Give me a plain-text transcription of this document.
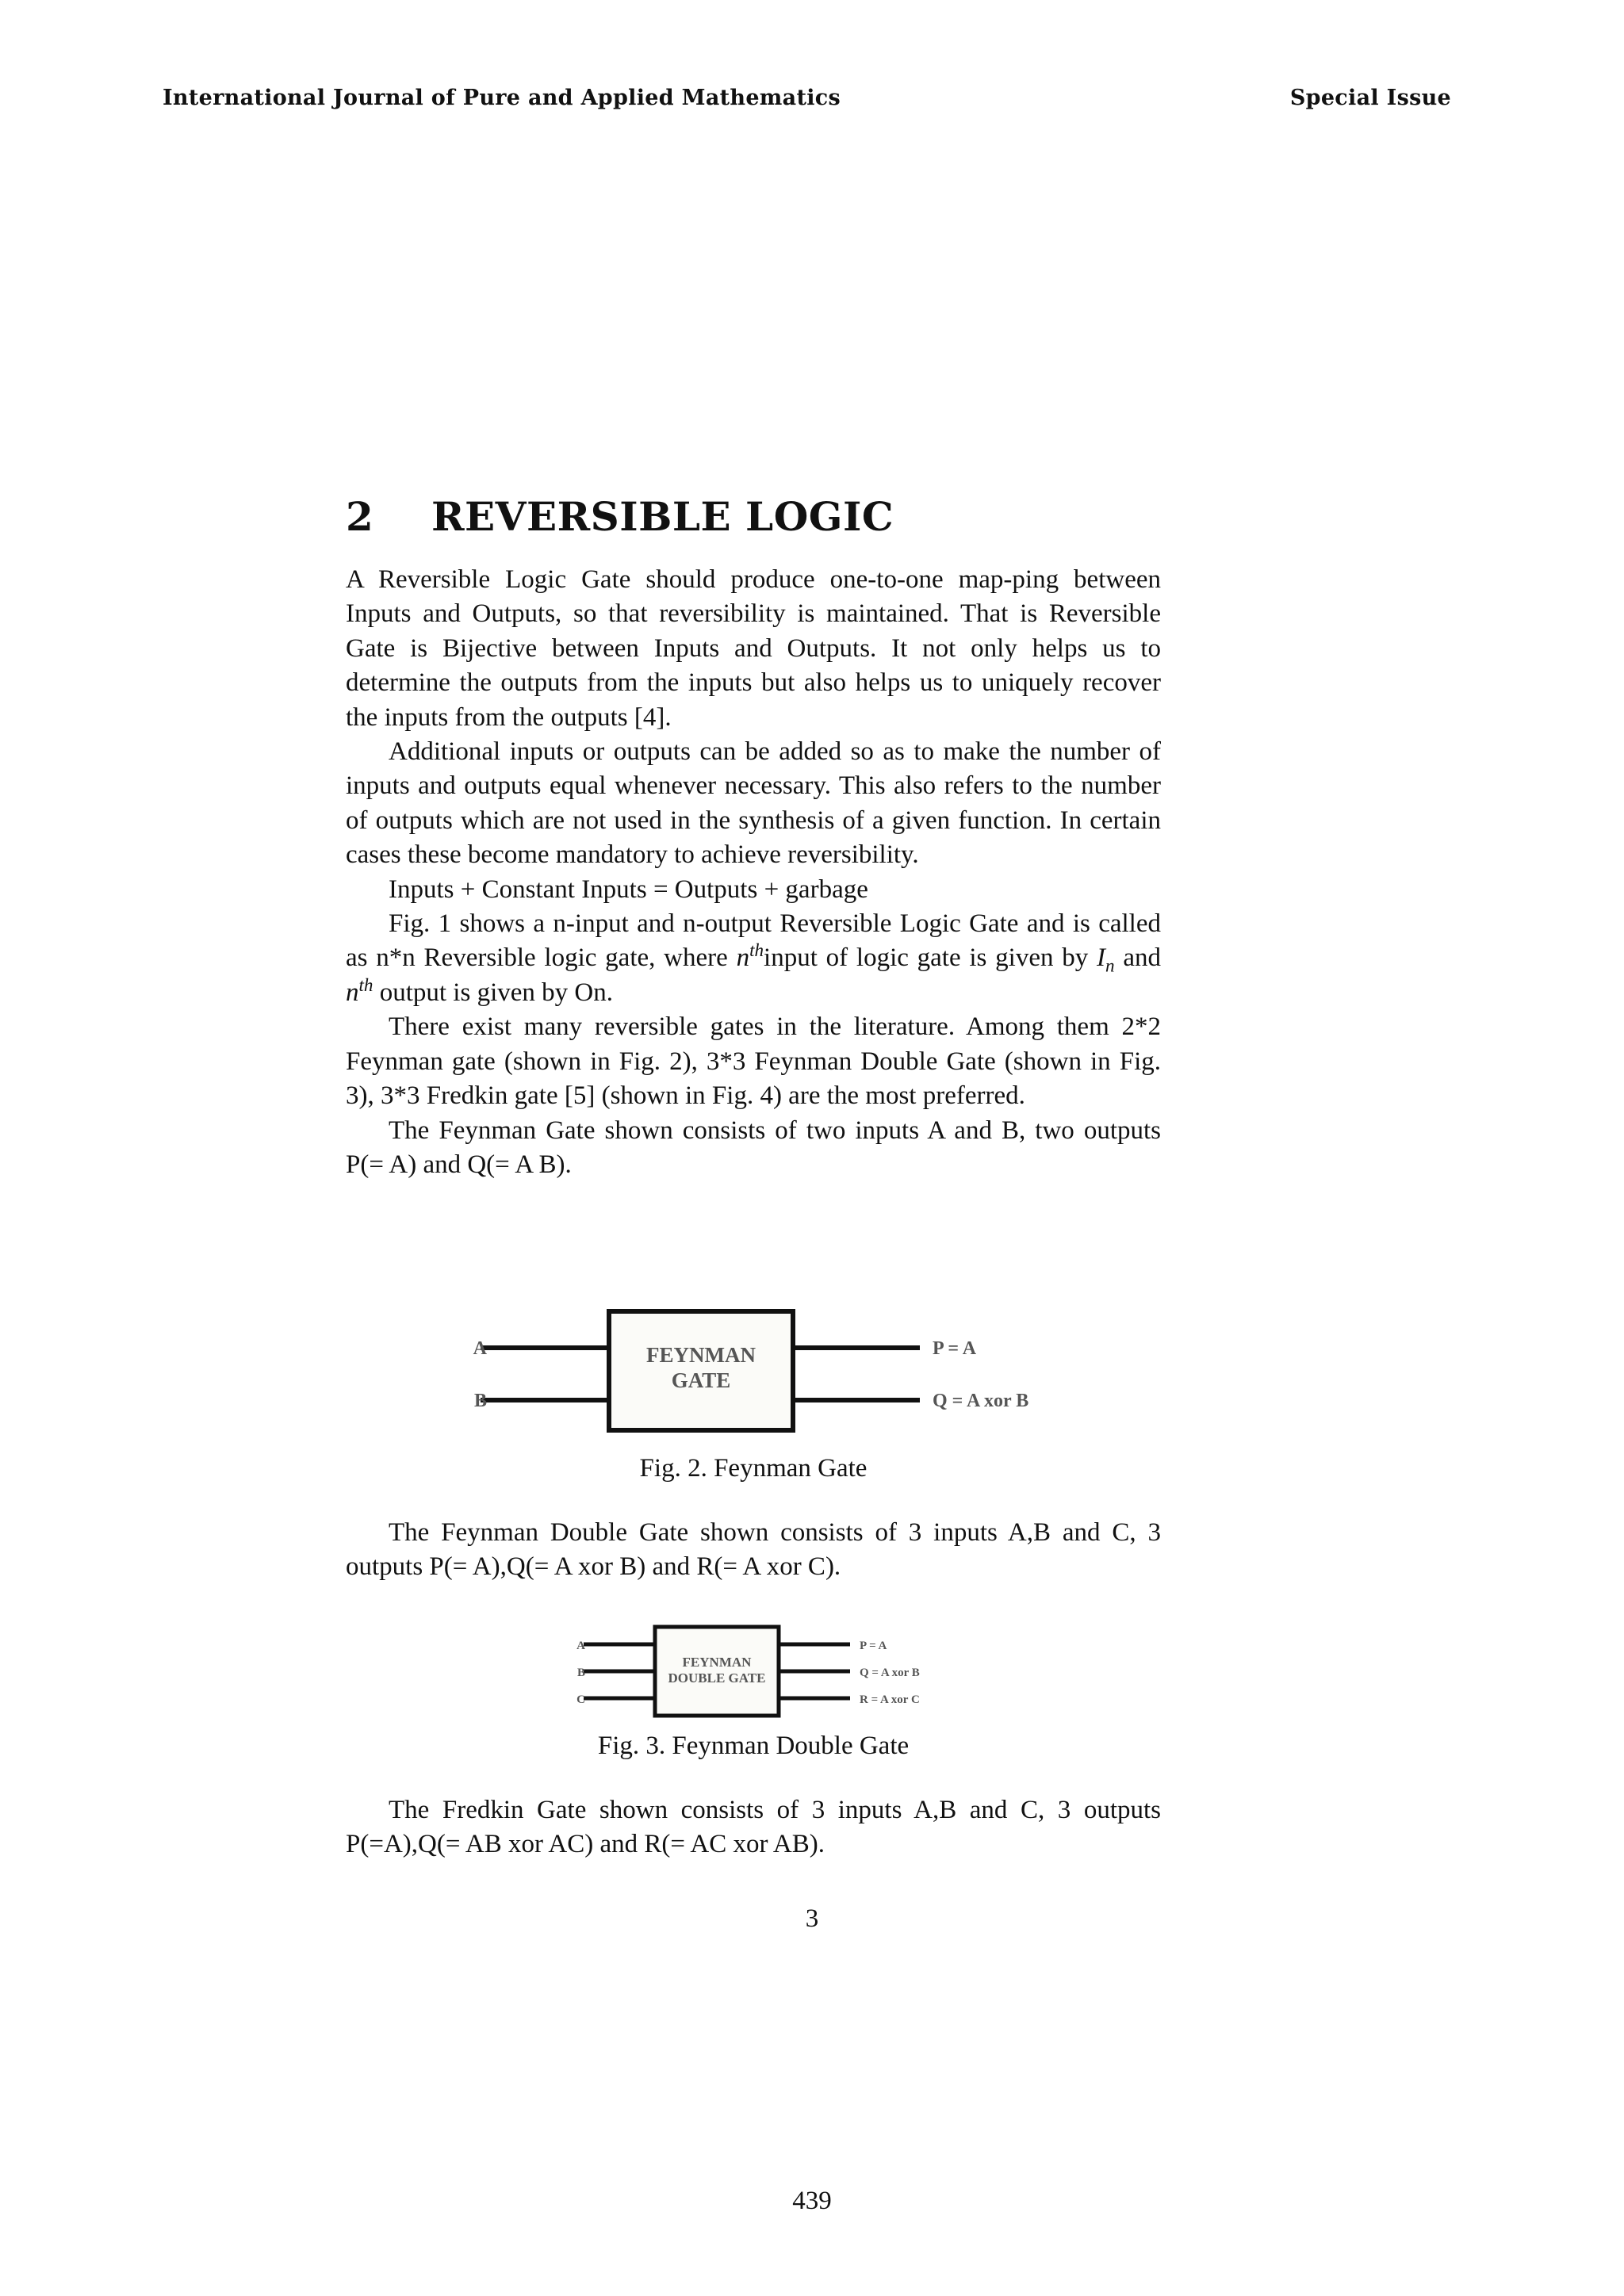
International Journal of Pure and Applied Mathematics	Special Issue
2	REVERSIBLE LOGIC

A Reversible Logic Gate should produce one-to-one map-ping between Inputs and Outputs, so that reversibility is maintained. That is Reversible Gate is Bijective between Inputs and Outputs. It not only helps us to determine the outputs from the inputs but also helps us to uniquely recover the inputs from the outputs [4].

Additional inputs or outputs can be added so as to make the number of inputs and outputs equal whenever necessary. This also refers to the number of outputs which are not used in the synthesis of a given function. In certain cases these become mandatory to achieve reversibility.

Inputs + Constant Inputs = Outputs + garbage

Fig. 1 shows a n-input and n-output Reversible Logic Gate and is called as n*n Reversible logic gate, where $n^{th}input$ of logic gate is given by $I_n$ and $n^{th}$ output is given by On.

There exist many reversible gates in the literature. Among them 2*2 Feynman gate (shown in Fig. 2), 3*3 Feynman Double Gate (shown in Fig. 3), 3*3 Fredkin gate [5] (shown in Fig. 4) are the most preferred.

The Feynman Gate shown consists of two inputs A and B, two outputs P(= A) and Q(= A B).

FEYNMAN
GATE
A
B
P = A
Q = A xor B
Fig. 2. Feynman Gate

The Feynman Double Gate shown consists of 3 inputs A,B and C, 3 outputs P(= A),Q(= A xor B) and R(= A xor C).

FEYNMAN
DOUBLE GATE
A
B
C
P = A
Q = A xor B
R = A xor C
Fig. 3. Feynman Double Gate

The Fredkin Gate shown consists of 3 inputs A,B and C, 3 outputs P(=A),Q(= AB xor AC) and R(= AC xor AB).

3
439
